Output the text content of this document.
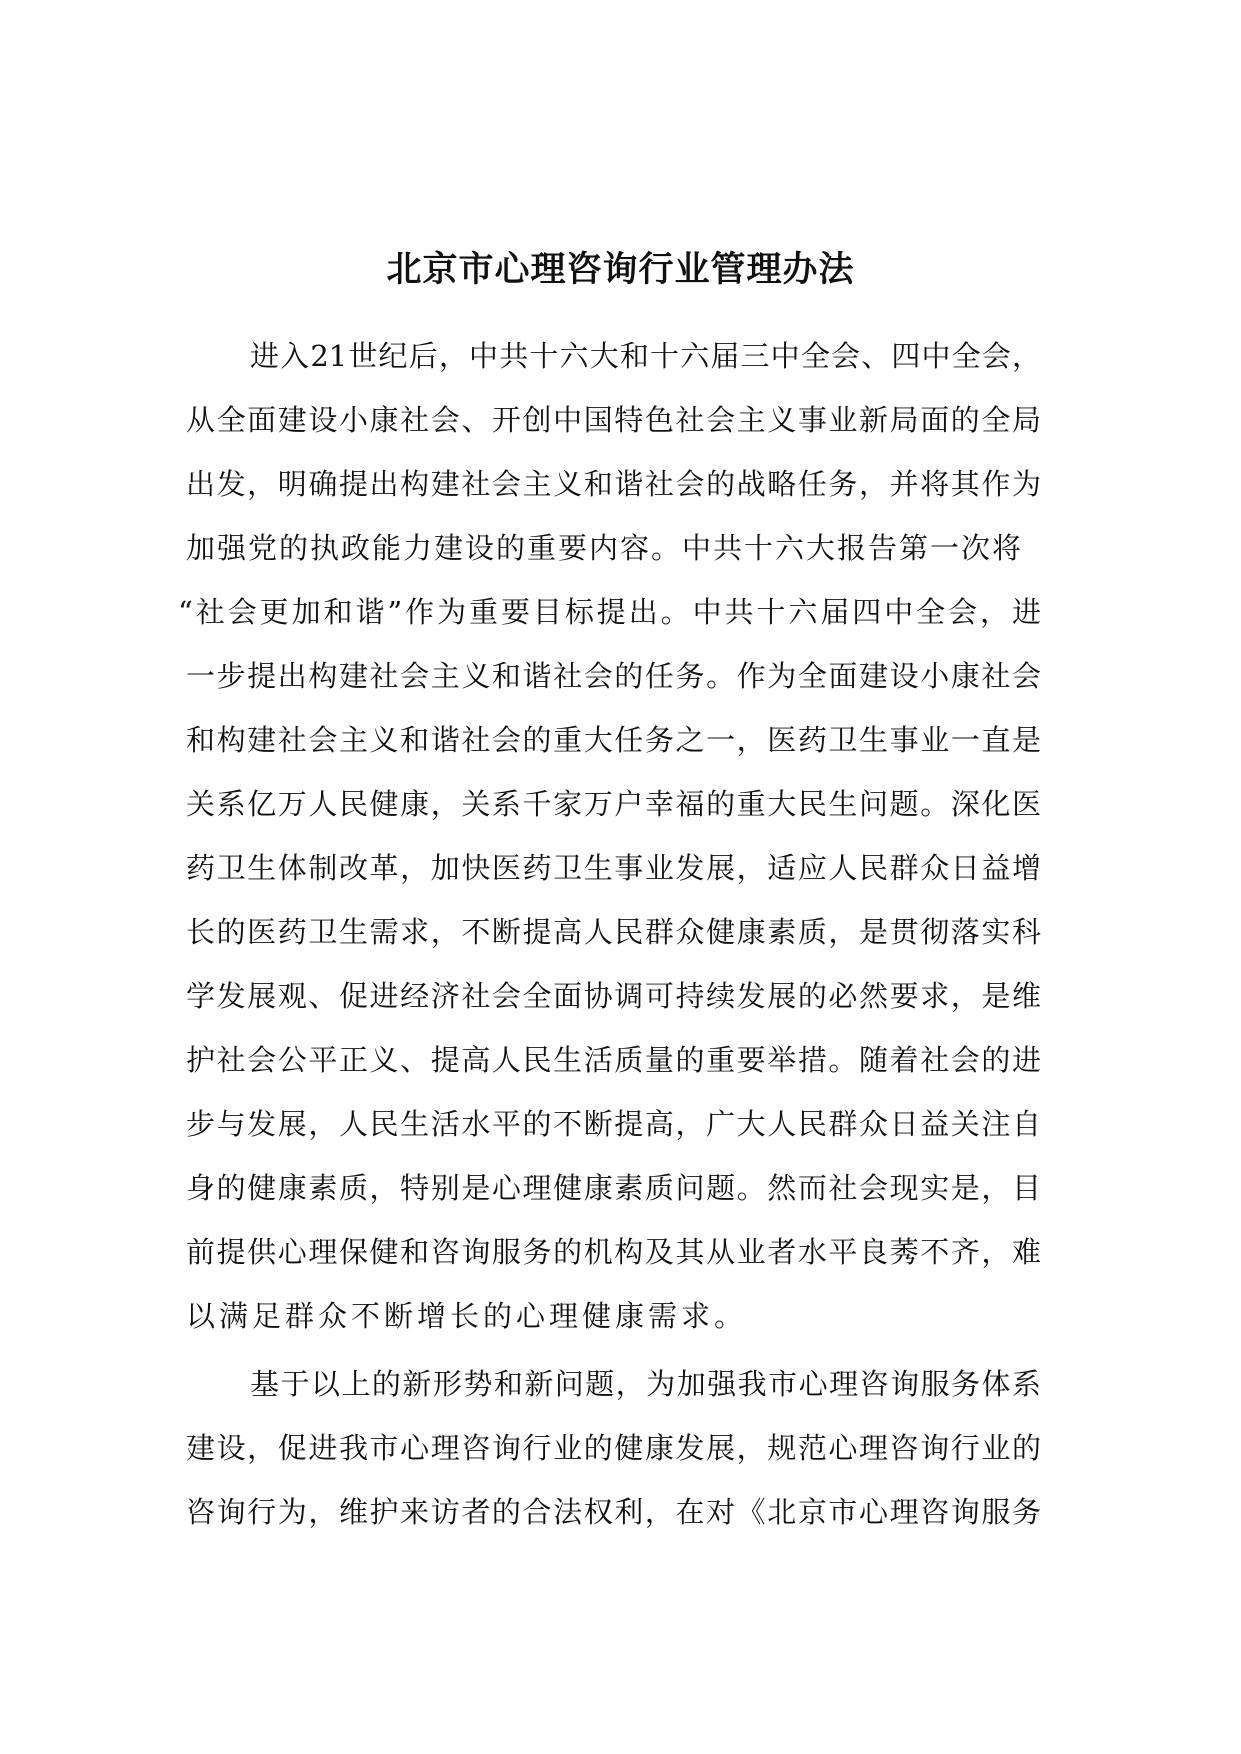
北京市心理咨询行业管理办法
进入21世纪后，中共十六大和十六届三中全会、四中全会，
从全面建设小康社会、开创中国特色社会主义事业新局面的全局
出发，明确提出构建社会主义和谐社会的战略任务，并将其作为
加强党的执政能力建设的重要内容。中共十六大报告第一次将
“社会更加和谐”作为重要目标提出。中共十六届四中全会，进
一步提出构建社会主义和谐社会的任务。作为全面建设小康社会
和构建社会主义和谐社会的重大任务之一，医药卫生事业一直是
关系亿万人民健康，关系千家万户幸福的重大民生问题。深化医
药卫生体制改革，加快医药卫生事业发展，适应人民群众日益增
长的医药卫生需求，不断提高人民群众健康素质，是贯彻落实科
学发展观、促进经济社会全面协调可持续发展的必然要求，是维
护社会公平正义、提高人民生活质量的重要举措。随着社会的进
步与发展，人民生活水平的不断提高，广大人民群众日益关注自
身的健康素质，特别是心理健康素质问题。然而社会现实是，目
前提供心理保健和咨询服务的机构及其从业者水平良莠不齐，难
以满足群众不断增长的心理健康需求。
基于以上的新形势和新问题，为加强我市心理咨询服务体系
建设，促进我市心理咨询行业的健康发展，规范心理咨询行业的
咨询行为，维护来访者的合法权利，在对《北京市心理咨询服务
